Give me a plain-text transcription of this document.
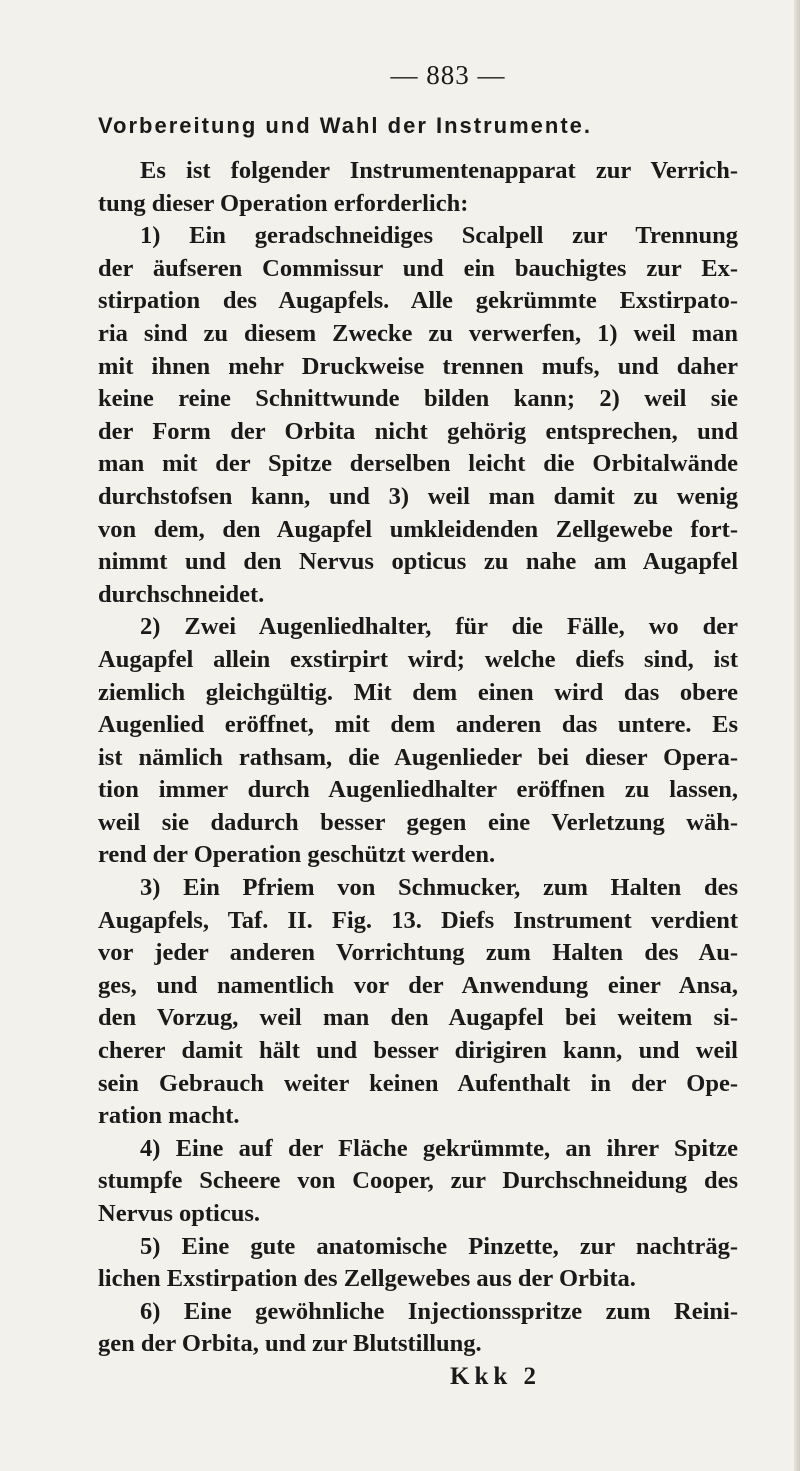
— 883 —
Vorbereitung und Wahl der Instrumente.
Es ist folgender Instrumentenapparat zur Verrich-
tung dieser Operation erforderlich:
1) Ein geradschneidiges Scalpell zur Trennung
der äufseren Commissur und ein bauchigtes zur Ex-
stirpation des Augapfels. Alle gekrümmte Exstirpato-
ria sind zu diesem Zwecke zu verwerfen, 1) weil man
mit ihnen mehr Druckweise trennen mufs, und daher
keine reine Schnittwunde bilden kann; 2) weil sie
der Form der Orbita nicht gehörig entsprechen, und
man mit der Spitze derselben leicht die Orbitalwände
durchstofsen kann, und 3) weil man damit zu wenig
von dem, den Augapfel umkleidenden Zellgewebe fort-
nimmt und den Nervus opticus zu nahe am Augapfel
durchschneidet.
2) Zwei Augenliedhalter, für die Fälle, wo der
Augapfel allein exstirpirt wird; welche diefs sind, ist
ziemlich gleichgültig. Mit dem einen wird das obere
Augenlied eröffnet, mit dem anderen das untere. Es
ist nämlich rathsam, die Augenlieder bei dieser Opera-
tion immer durch Augenliedhalter eröffnen zu lassen,
weil sie dadurch besser gegen eine Verletzung wäh-
rend der Operation geschützt werden.
3) Ein Pfriem von Schmucker, zum Halten des
Augapfels, Taf. II. Fig. 13. Diefs Instrument verdient
vor jeder anderen Vorrichtung zum Halten des Au-
ges, und namentlich vor der Anwendung einer Ansa,
den Vorzug, weil man den Augapfel bei weitem si-
cherer damit hält und besser dirigiren kann, und weil
sein Gebrauch weiter keinen Aufenthalt in der Ope-
ration macht.
4) Eine auf der Fläche gekrümmte, an ihrer Spitze
stumpfe Scheere von Cooper, zur Durchschneidung des
Nervus opticus.
5) Eine gute anatomische Pinzette, zur nachträg-
lichen Exstirpation des Zellgewebes aus der Orbita.
6) Eine gewöhnliche Injectionsspritze zum Reini-
gen der Orbita, und zur Blutstillung.
Kkk 2
